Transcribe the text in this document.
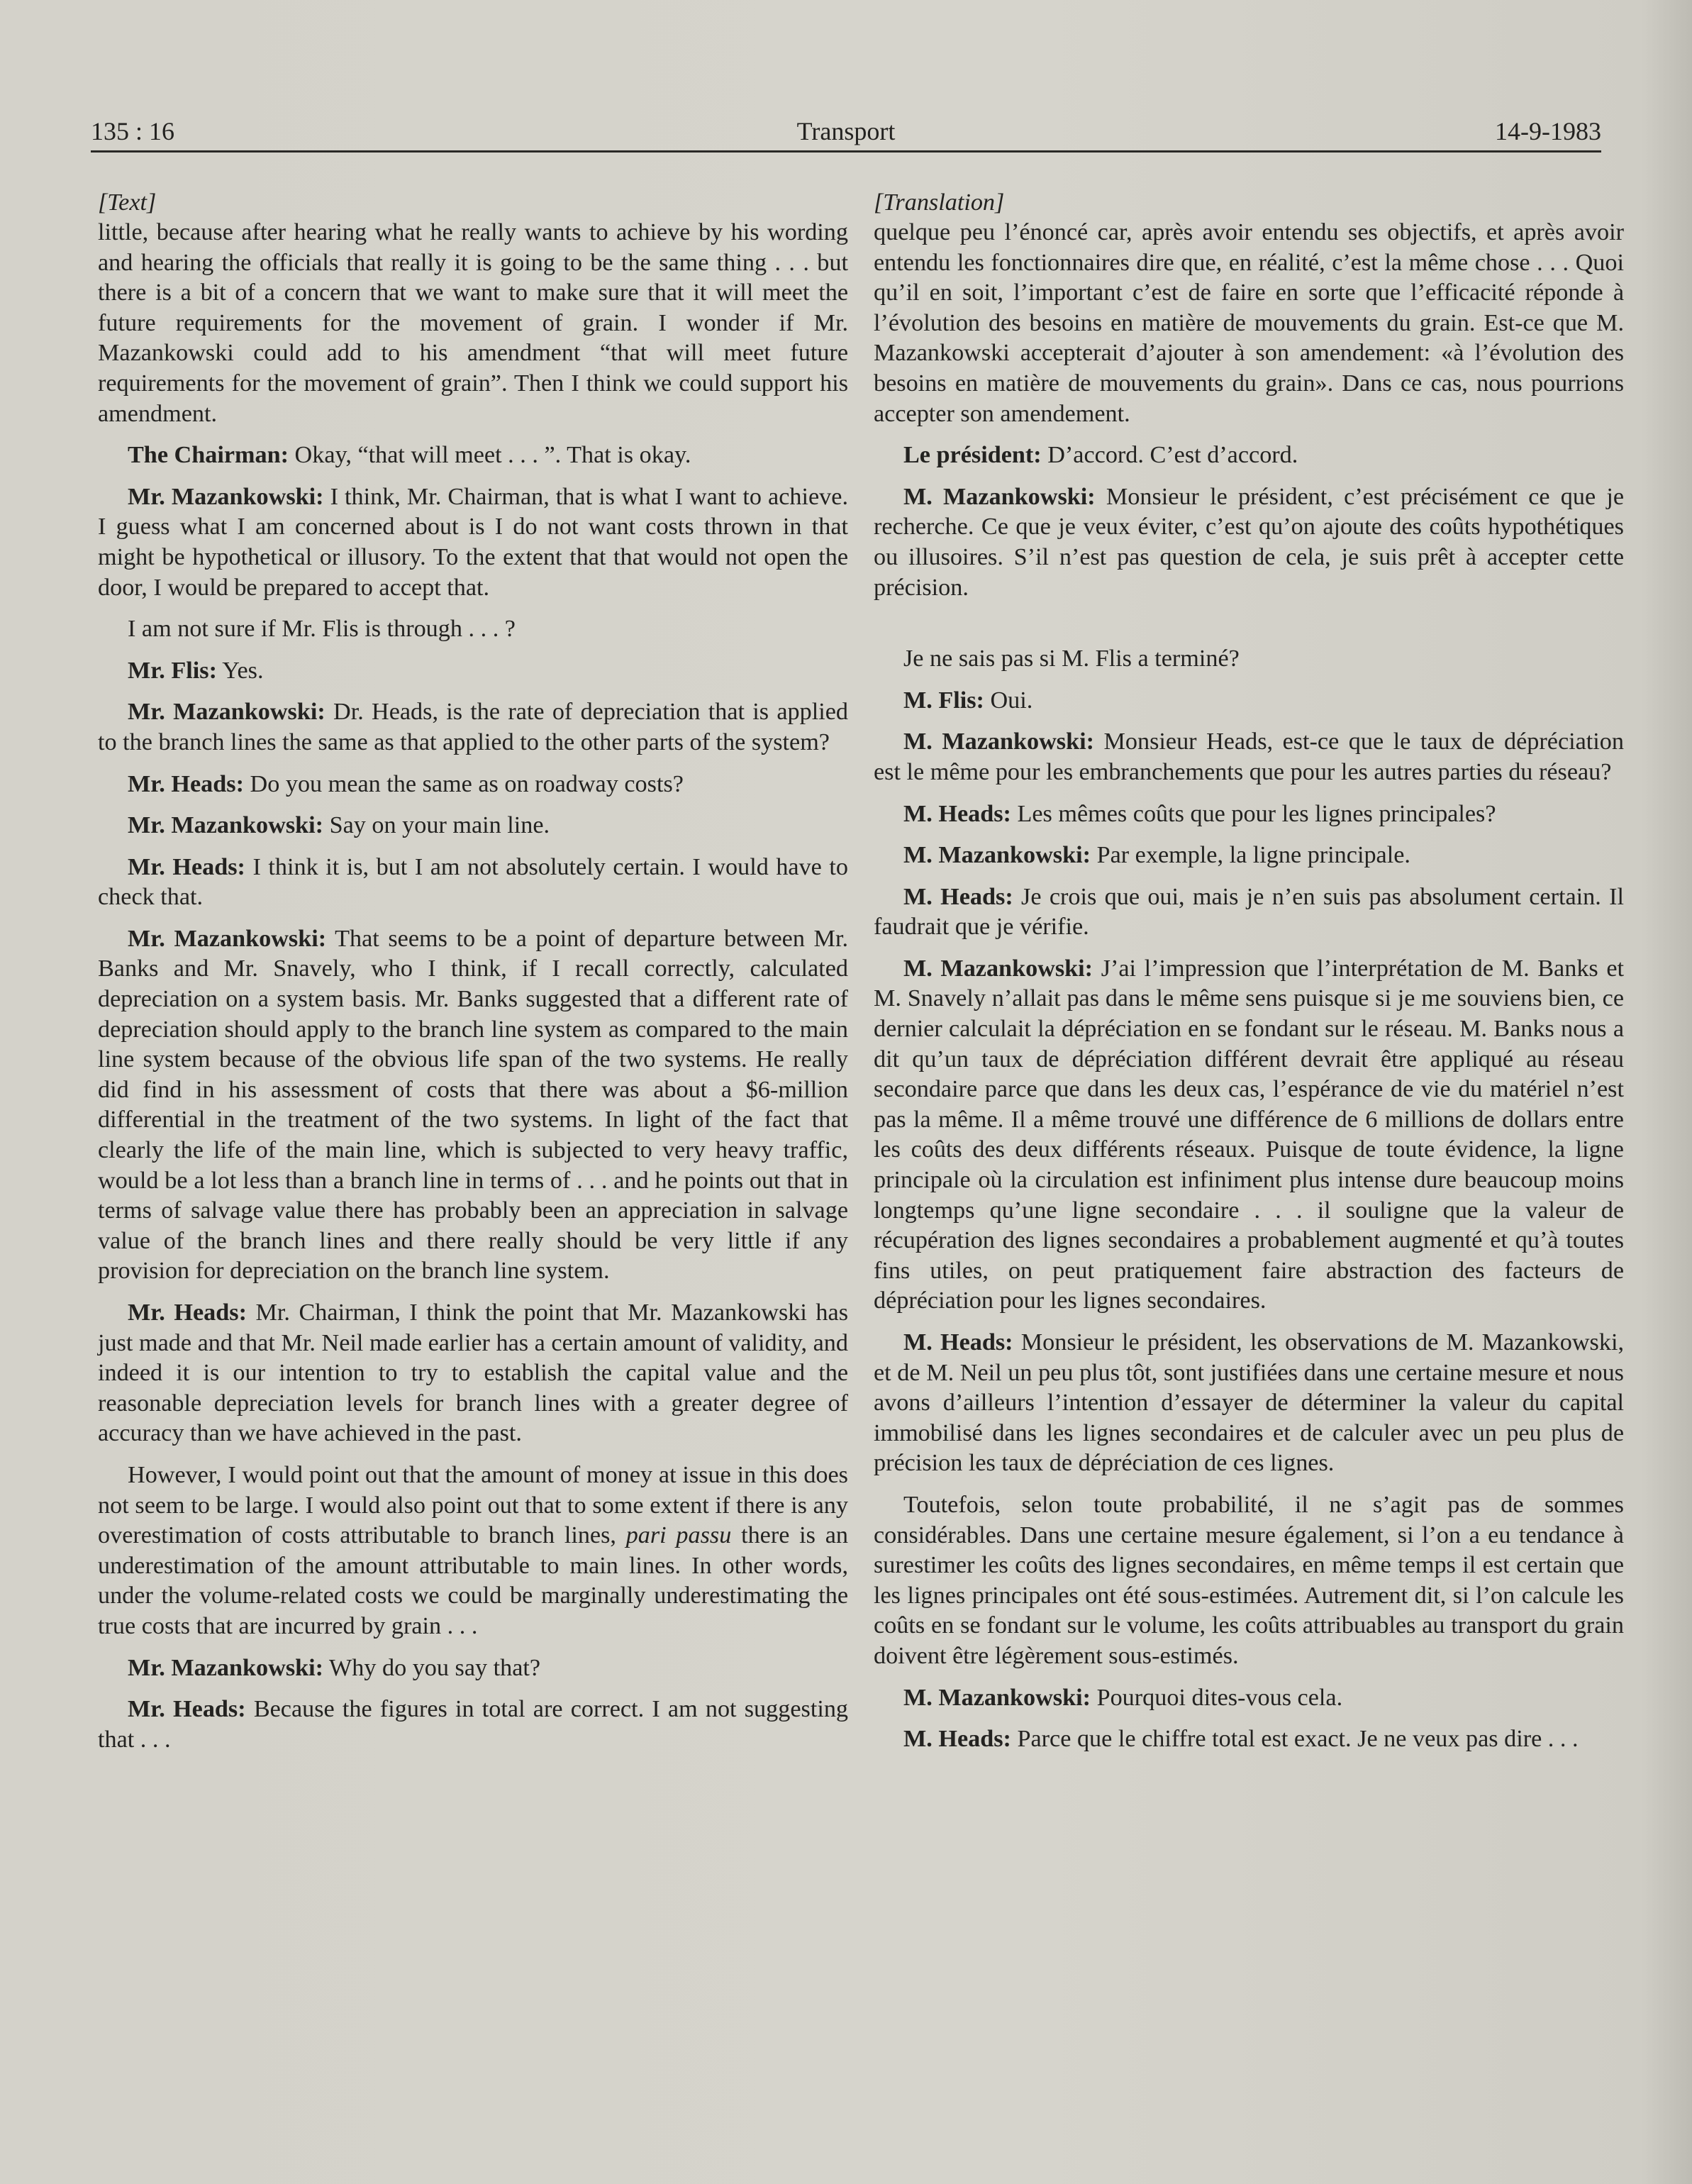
135 : 16	Transport	14-9-1983
[Text]

little, because after hearing what he really wants to achieve by his wording and hearing the officials that really it is going to be the same thing . . . but there is a bit of a concern that we want to make sure that it will meet the future requirements for the movement of grain. I wonder if Mr. Mazankowski could add to his amendment “that will meet future requirements for the movement of grain”. Then I think we could support his amendment.

The Chairman: Okay, “that will meet . . . ”. That is okay.

Mr. Mazankowski: I think, Mr. Chairman, that is what I want to achieve. I guess what I am concerned about is I do not want costs thrown in that might be hypothetical or illusory. To the extent that that would not open the door, I would be prepared to accept that.

I am not sure if Mr. Flis is through . . . ?

Mr. Flis: Yes.

Mr. Mazankowski: Dr. Heads, is the rate of depreciation that is applied to the branch lines the same as that applied to the other parts of the system?

Mr. Heads: Do you mean the same as on roadway costs?

Mr. Mazankowski: Say on your main line.

Mr. Heads: I think it is, but I am not absolutely certain. I would have to check that.

Mr. Mazankowski: That seems to be a point of departure between Mr. Banks and Mr. Snavely, who I think, if I recall correctly, calculated depreciation on a system basis. Mr. Banks suggested that a different rate of depreciation should apply to the branch line system as compared to the main line system because of the obvious life span of the two systems. He really did find in his assessment of costs that there was about a $6-million differential in the treatment of the two systems. In light of the fact that clearly the life of the main line, which is subjected to very heavy traffic, would be a lot less than a branch line in terms of . . . and he points out that in terms of salvage value there has probably been an appreciation in salvage value of the branch lines and there really should be very little if any provision for depreciation on the branch line system.

Mr. Heads: Mr. Chairman, I think the point that Mr. Mazankowski has just made and that Mr. Neil made earlier has a certain amount of validity, and indeed it is our intention to try to establish the capital value and the reasonable depreciation levels for branch lines with a greater degree of accuracy than we have achieved in the past.

However, I would point out that the amount of money at issue in this does not seem to be large. I would also point out that to some extent if there is any overestimation of costs attributable to branch lines, pari passu there is an underestimation of the amount attributable to main lines. In other words, under the volume-related costs we could be marginally underestimating the true costs that are incurred by grain . . .

Mr. Mazankowski: Why do you say that?

Mr. Heads: Because the figures in total are correct. I am not suggesting that . . .

[Translation]

quelque peu l’énoncé car, après avoir entendu ses objectifs, et après avoir entendu les fonctionnaires dire que, en réalité, c’est la même chose . . . Quoi qu’il en soit, l’important c’est de faire en sorte que l’efficacité réponde à l’évolution des besoins en matière de mouvements du grain. Est-ce que M. Mazankowski accepterait d’ajouter à son amendement: «à l’évolution des besoins en matière de mouvements du grain». Dans ce cas, nous pourrions accepter son amendement.

Le président: D’accord. C’est d’accord.

M. Mazankowski: Monsieur le président, c’est précisément ce que je recherche. Ce que je veux éviter, c’est qu’on ajoute des coûts hypothétiques ou illusoires. S’il n’est pas question de cela, je suis prêt à accepter cette précision.

Je ne sais pas si M. Flis a terminé?

M. Flis: Oui.

M. Mazankowski: Monsieur Heads, est-ce que le taux de dépréciation est le même pour les embranchements que pour les autres parties du réseau?

M. Heads: Les mêmes coûts que pour les lignes principales?

M. Mazankowski: Par exemple, la ligne principale.

M. Heads: Je crois que oui, mais je n’en suis pas absolument certain. Il faudrait que je vérifie.

M. Mazankowski: J’ai l’impression que l’interprétation de M. Banks et M. Snavely n’allait pas dans le même sens puisque si je me souviens bien, ce dernier calculait la dépréciation en se fondant sur le réseau. M. Banks nous a dit qu’un taux de dépréciation différent devrait être appliqué au réseau secondaire parce que dans les deux cas, l’espérance de vie du matériel n’est pas la même. Il a même trouvé une différence de 6 millions de dollars entre les coûts des deux différents réseaux. Puisque de toute évidence, la ligne principale où la circulation est infiniment plus intense dure beaucoup moins longtemps qu’une ligne secondaire . . . il souligne que la valeur de récupération des lignes secondaires a probablement augmenté et qu’à toutes fins utiles, on peut pratiquement faire abstraction des facteurs de dépréciation pour les lignes secondaires.

M. Heads: Monsieur le président, les observations de M. Mazankowski, et de M. Neil un peu plus tôt, sont justifiées dans une certaine mesure et nous avons d’ailleurs l’intention d’essayer de déterminer la valeur du capital immobilisé dans les lignes secondaires et de calculer avec un peu plus de précision les taux de dépréciation de ces lignes.

Toutefois, selon toute probabilité, il ne s’agit pas de sommes considérables. Dans une certaine mesure également, si l’on a eu tendance à surestimer les coûts des lignes secondaires, en même temps il est certain que les lignes principales ont été sous-estimées. Autrement dit, si l’on calcule les coûts en se fondant sur le volume, les coûts attribuables au transport du grain doivent être légèrement sous-estimés.

M. Mazankowski: Pourquoi dites-vous cela.

M. Heads: Parce que le chiffre total est exact. Je ne veux pas dire . . .
